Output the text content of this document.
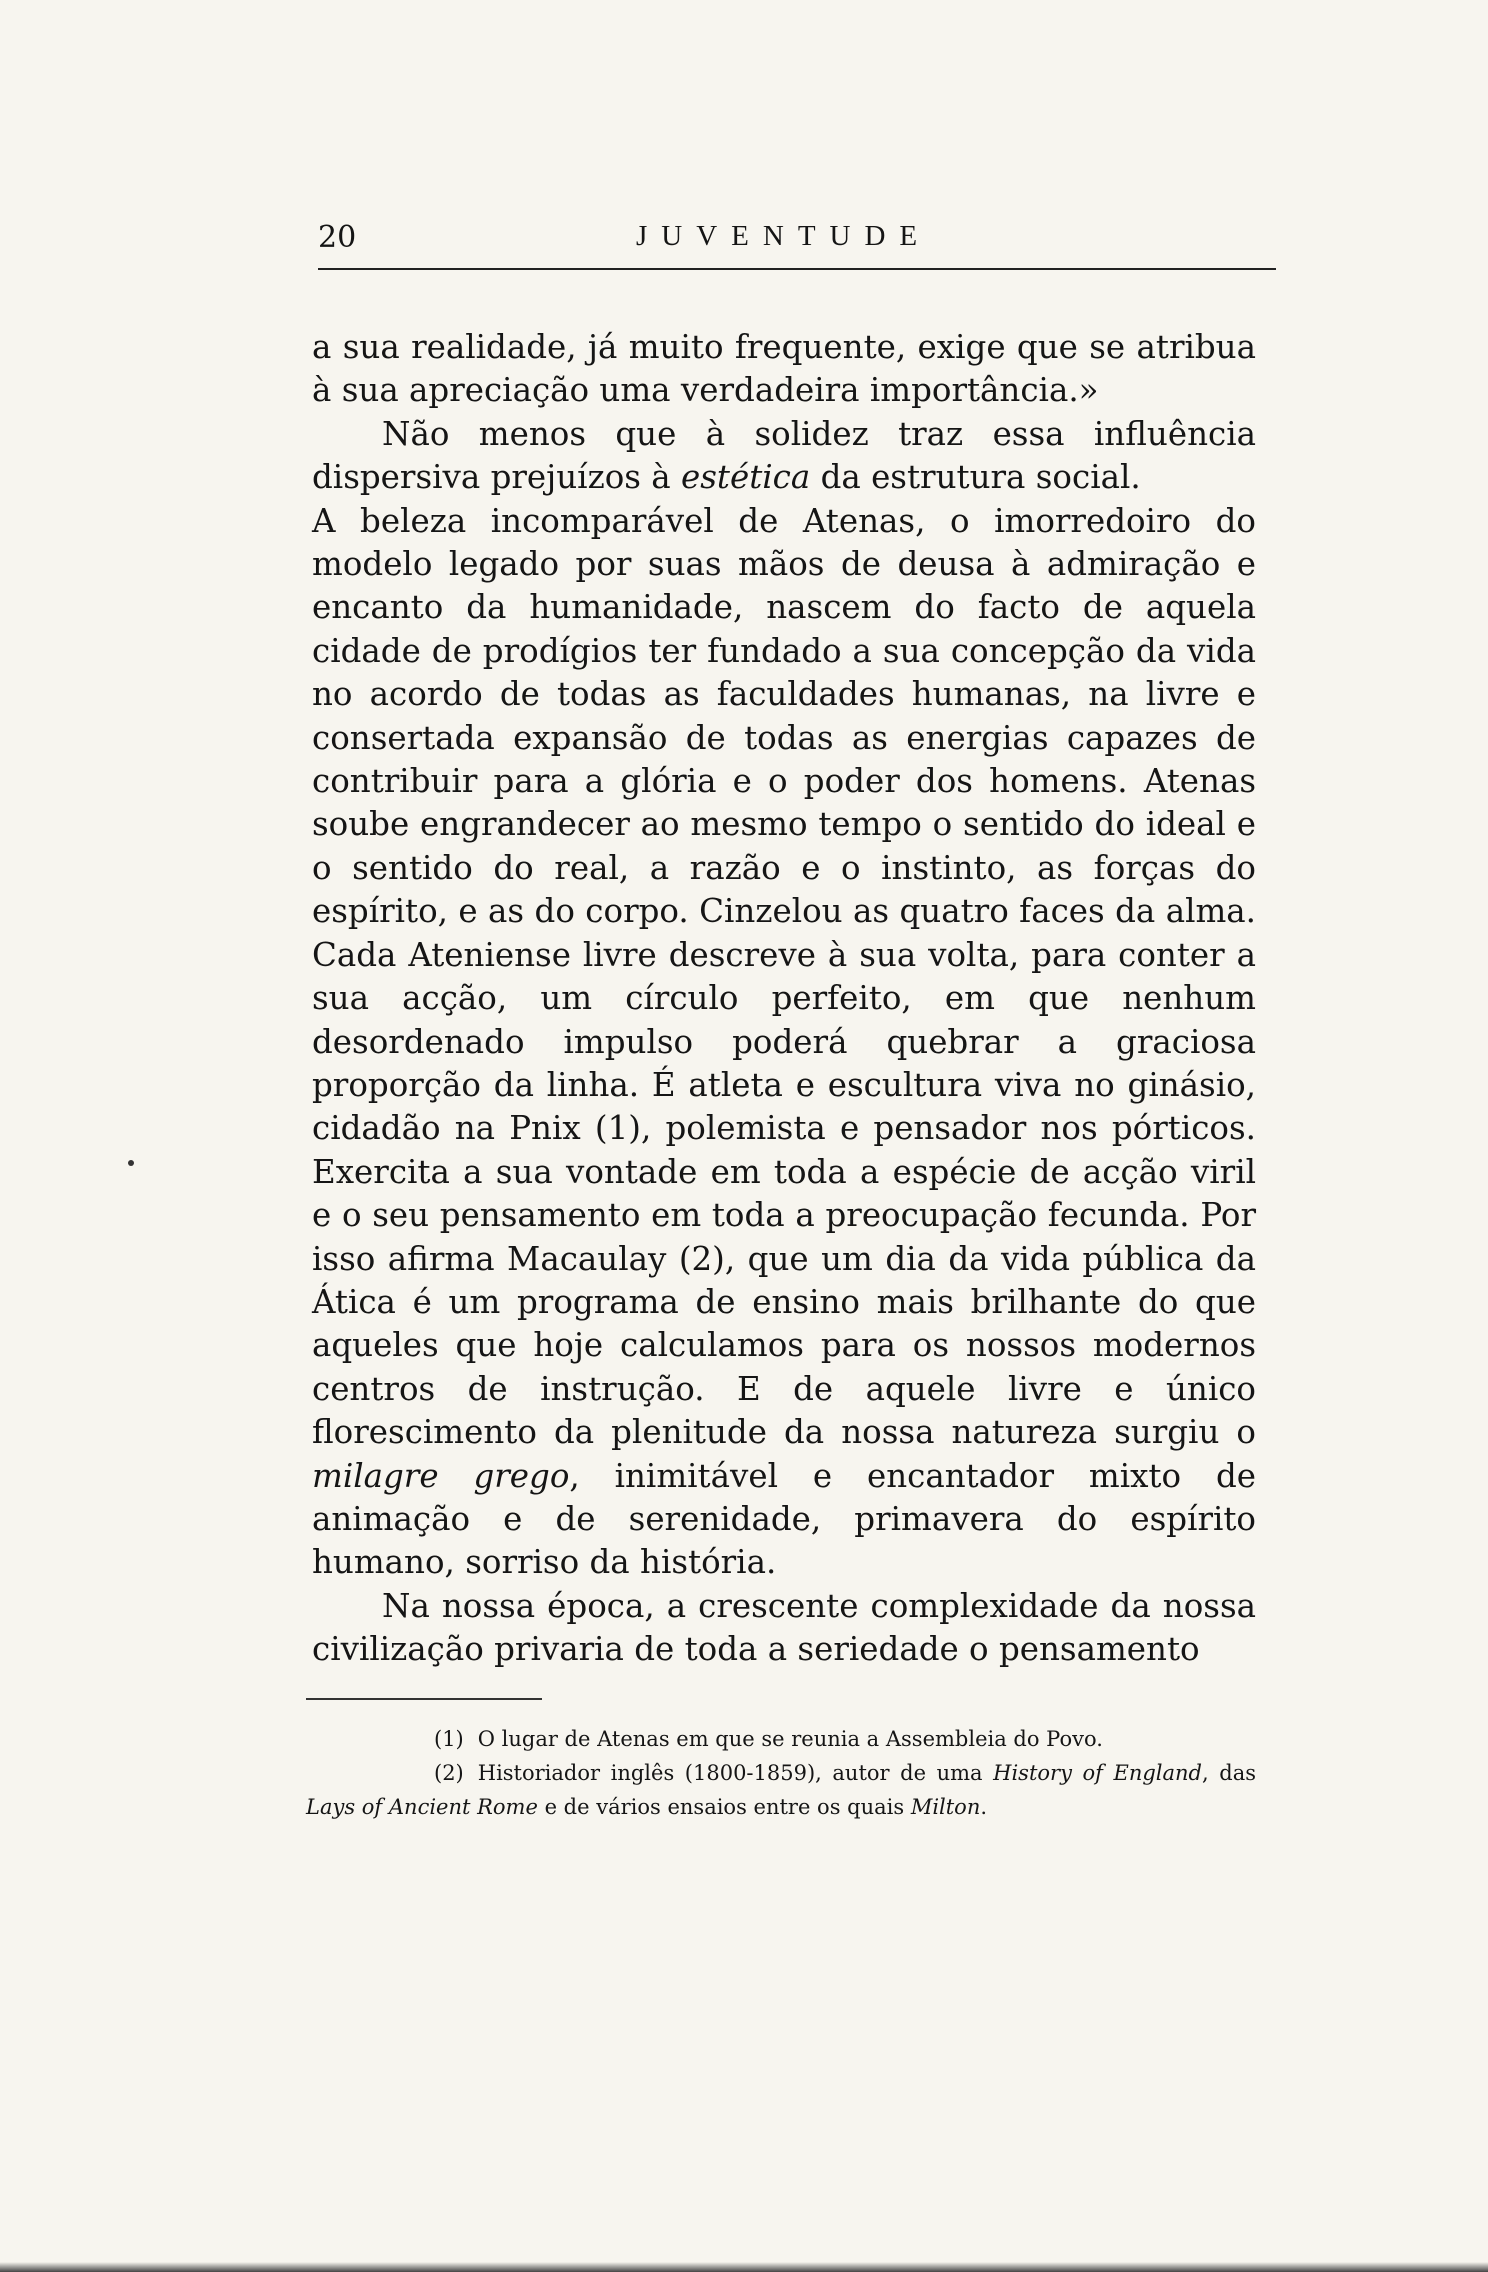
20	JUVENTUDE

a sua realidade, já muito frequente, exige que se atribua à sua apreciação uma verdadeira importância.»

Não menos que à solidez traz essa influência dispersiva prejuízos à estética da estrutura social.

A beleza incomparável de Atenas, o imorredoiro do modelo legado por suas mãos de deusa à admiração e encanto da humanidade, nascem do facto de aquela cidade de prodígios ter fundado a sua concepção da vida no acordo de todas as faculdades humanas, na livre e consertada expansão de todas as energias capazes de contribuir para a glória e o poder dos homens. Atenas soube engrandecer ao mesmo tempo o sentido do ideal e o sentido do real, a razão e o instinto, as forças do espírito, e as do corpo. Cinzelou as quatro faces da alma. Cada Ateniense livre descreve à sua volta, para conter a sua acção, um círculo perfeito, em que nenhum desordenado impulso poderá quebrar a graciosa proporção da linha. É atleta e escultura viva no ginásio, cidadão na Pnix (1), polemista e pensador nos pórticos. Exercita a sua vontade em toda a espécie de acção viril e o seu pensamento em toda a preocupação fecunda. Por isso afirma Macaulay (2), que um dia da vida pública da Ática é um programa de ensino mais brilhante do que aqueles que hoje calculamos para os nossos modernos centros de instrução. E de aquele livre e único florescimento da plenitude da nossa natureza surgiu o milagre grego, inimitável e encantador mixto de animação e de serenidade, primavera do espírito humano, sorriso da história.

Na nossa época, a crescente complexidade da nossa civilização privaria de toda a seriedade o pensamento

(1) O lugar de Atenas em que se reunia a Assembleia do Povo.

(2) Historiador inglês (1800-1859), autor de uma History of England, das Lays of Ancient Rome e de vários ensaios entre os quais Milton.
